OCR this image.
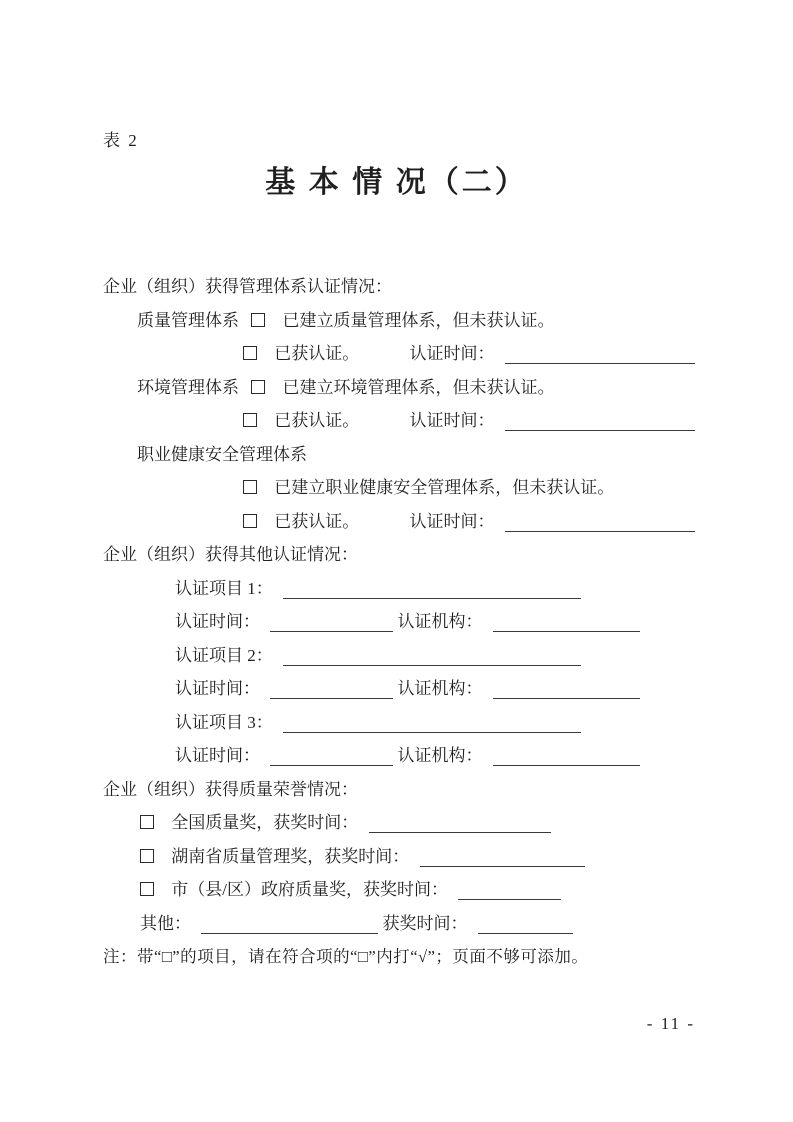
表 2
基 本 情 况（二）
企业（组织）获得管理体系认证情况：
质量管理体系	已建立质量管理体系，但未获认证。
已获认证。	认证时间：
环境管理体系	已建立环境管理体系，但未获认证。
已获认证。	认证时间：
职业健康安全管理体系
已建立职业健康安全管理体系，但未获认证。
已获认证。	认证时间：
企业（组织）获得其他认证情况：
认证项目 1：
认证时间：	认证机构：
认证项目 2：
认证时间：	认证机构：
认证项目 3：
认证时间：	认证机构：
企业（组织）获得质量荣誉情况：
全国质量奖，获奖时间：
湖南省质量管理奖，获奖时间：
市（县/区）政府质量奖，获奖时间：
其他：	获奖时间：
注：带“□”的项目，请在符合项的“□”内打“√”；页面不够可添加。
- 11 -
